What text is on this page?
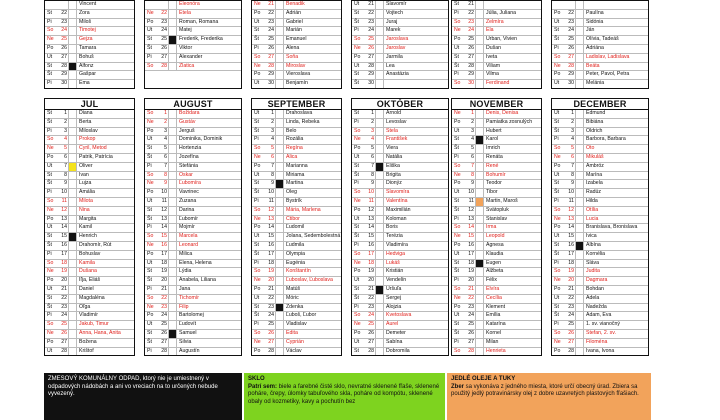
Vincent
St	22	Zora
Pi	23	Miloš
So	24	Timotej
Ne	25	Gejza
Po	26	Tamara
Ut	27	Bohuš
St	28	Alfonz
Št	29	Gašpar
Pi	30	Ema
Eleonóra
Ne	22	Etela
Po	23	Roman, Romana
Ut	24	Matej
St	25	Frederik, Frederika
Št	26	Viktor
Pi	27	Alexander
So	28	Zlatica
Ne	21	Benadik
Po	22	Adrián
Ut	23	Gabriel
St	24	Marián
Št	25	Emanuel
Pi	26	Alena
So	27	Soňa
Ne	28	Miroslav
Po	29	Vieroslava
Ut	30	Benjamín
Ut	21	Slavomír
St	22	Vojtech
Št	23	Juraj
Pi	24	Marek
So	25	Jaroslava
Ne	26	Jaroslav
Po	27	Jarmila
Ut	28	Lea
St	29	Anastázia
Št	30
Št	21
Pi	22	Júlia, Juliana
So	23	Želmíra
Ne	24	Ela
Po	25	Urban, Vivien
Ut	26	Dušan
St	27	Iveta
Št	28	Viliam
Pi	29	Vilma
So	30	Ferdinand
Po	22	Paulína
Ut	23	Sidónia
St	24	Ján
Št	25	Olívia, Tadeáš
Pi	26	Adriána
So	27	Ladislav, Ladislava
Ne	28	Beáta
Po	29	Peter, Pavol, Petra
Ut	30	Melánia
JUL
St	1	Diana
Št	2	Berta
Pi	3	Miloslav
So	4	Prokop
Ne	5	Cyril, Metod
Po	6	Patrik, Patrícia
Ut	7	Oliver
St	8	Ivan
Št	9	Lujza
Pi	10	Amália
So	11	Milota
Ne	12	Nina
Po	13	Margita
Ut	14	Kamil
St	15	Henrich
Št	16	Drahomír, Rút
Pi	17	Bohuslav
So	18	Kamila
Ne	19	Dušana
Po	20	Iľja, Eliáš
Ut	21	Daniel
St	22	Magdaléna
Št	23	Oľga
Pi	24	Vladimír
So	25	Jakub, Timur
Ne	26	Anna, Hana, Anita
Po	27	Božena
Ut	28	Krištof
AUGUST
So	1	Božidara
Ne	2	Gustáv
Po	3	Jerguš
Ut	4	Dominika, Dominik
St	5	Hortenzia
Št	6	Jozefína
Pi	7	Štefánia
So	8	Oskar
Ne	9	Ľubomíra
Po	10	Vavrinec
Ut	11	Zuzana
St	12	Darina
Št	13	Ľubomír
Pi	14	Mojmír
So	15	Marcela
Ne	16	Leonard
Po	17	Milica
Ut	18	Elena, Helena
St	19	Lýdia
Št	20	Anabela, Liliana
Pi	21	Jana
So	22	Tichomír
Ne	23	Filip
Po	24	Bartolomej
Ut	25	Ľudovít
St	26	Samuel
Št	27	Silvia
Pi	28	Augustín
SEPTEMBER
Ut	1	Drahoslava
St	2	Linda, Rebeka
Št	3	Belo
Pi	4	Rozália
So	5	Regína
Ne	6	Alica
Po	7	Marianna
Ut	8	Miriama
St	9	Martina
Št	10	Oleg
Pi	11	Bystrík
So	12	Mária, Marlena
Ne	13	Ctibor
Po	14	Ľudomil
Ut	15	Jolana, Sedembolestná
St	16	Ľudmila
Št	17	Olympia
Pi	18	Eugénia
So	19	Konštantín
Ne	20	Ľuboslav, Ľuboslava
Po	21	Matúš
Ut	22	Móric
St	23	Zdenka
Št	24	Ľuboš, Ľubor
Pi	25	Vladislav
So	26	Edita
Ne	27	Cyprián
Po	28	Václav
OKTÓBER
Št	1	Arnold
Pi	2	Levoslav
So	3	Stela
Ne	4	František
Po	5	Viera
Ut	6	Natália
St	7	Eliška
Št	8	Brigita
Pi	9	Dionýz
So	10	Slavomíra
Ne	11	Valentína
Po	12	Maximilián
Ut	13	Koloman
St	14	Boris
Št	15	Terézia
Pi	16	Vladimíra
So	17	Hedviga
Ne	18	Lukáš
Po	19	Kristián
Ut	20	Vendelín
St	21	Uršuľa
Št	22	Sergej
Pi	23	Alojzia
So	24	Kvetoslava
Ne	25	Aurel
Po	26	Demeter
Ut	27	Sabína
St	28	Dobromila
NOVEMBER
Ne	1	Denis, Denisa
Po	2	Pamiatka zosnulých
Ut	3	Hubert
St	4	Karol
Št	5	Imrich
Pi	6	Renáta
So	7	René
Ne	8	Bohumír
Po	9	Teodor
Ut	10	Tibor
St	11	Martin, Maroš
Št	12	Svätopluk
Pi	13	Stanislav
So	14	Irma
Ne	15	Leopold
Po	16	Agnesa
Ut	17	Klaudia
St	18	Eugen
Št	19	Alžbeta
Pi	20	Félix
So	21	Elvíra
Ne	22	Cecília
Po	23	Klement
Ut	24	Emília
St	25	Katarína
Št	26	Kornel
Pi	27	Milan
So	28	Henrieta
DECEMBER
Ut	1	Edmund
St	2	Bibiána
Št	3	Oldrich
Pi	4	Barbora, Barbara
So	5	Oto
Ne	6	Mikuláš
Po	7	Ambróz
Ut	8	Marína
St	9	Izabela
Št	10	Radúz
Pi	11	Hilda
So	12	Otília
Ne	13	Lucia
Po	14	Branislava, Bronislava
Ut	15	Ivica
St	16	Albína
Št	17	Kornélia
Pi	18	Sláva
So	19	Judita
Ne	20	Dagmara
Po	21	Bohdan
Ut	22	Adela
St	23	Nadežda
Št	24	Adam, Eva
Pi	25	1. sv. vianočný
So	26	Štefan, 2. sv.
Ne	27	Filoména
Po	28	Ivana, Ivona
ZMESOVÝ KOMUNÁLNY ODPAD, ktorý nie je umiestnený v odpadových nádobách a ani vo vreciach na to určených nebude vyvezený.
SKLO
Patrí sem: biele a farebné čisté sklo, nevratné sklenené fľaše, sklenené poháre, črepy, úlomky tabuľového skla, poháre od kompótu, sklenené obaly od kozmetiky, kavy a pochutín bez
JEDLÉ OLEJE A TUKY
Zber sa vykonáva z jedného miesta, ktoré určí obecný úrad. Zbiera sa použitý jedlý potravinársky olej z dobre uzavretých plastových fľašiach.
